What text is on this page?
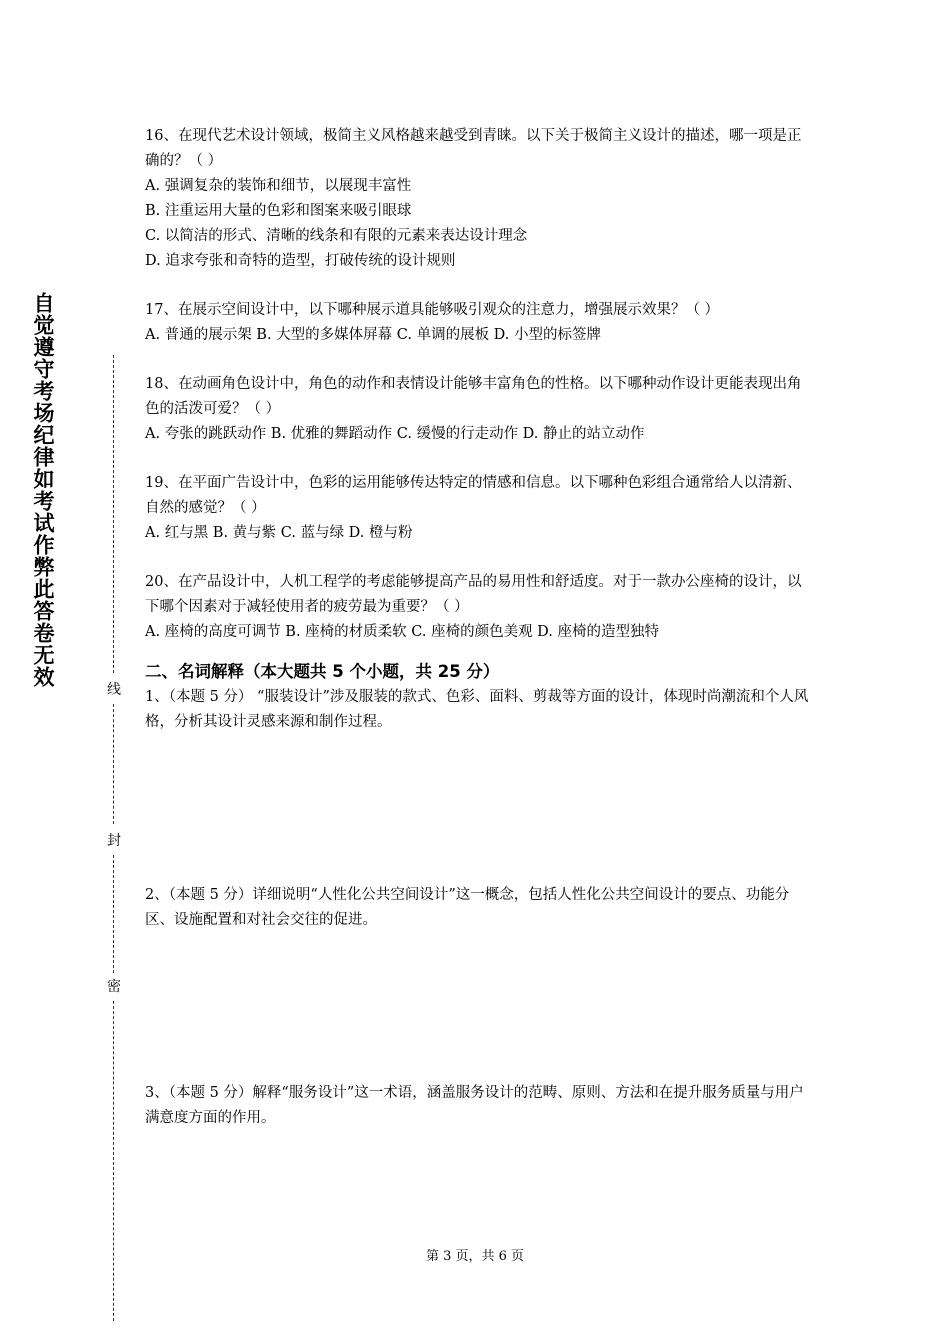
自觉遵守考场纪律如考试作弊此答卷无效
线
封
密

16、在现代艺术设计领域，极简主义风格越来越受到青睐。以下关于极简主义设计的描述，哪一项是正确的？（ ）

A. 强调复杂的装饰和细节，以展现丰富性

B. 注重运用大量的色彩和图案来吸引眼球

C. 以简洁的形式、清晰的线条和有限的元素来表达设计理念

D. 追求夸张和奇特的造型，打破传统的设计规则

17、在展示空间设计中，以下哪种展示道具能够吸引观众的注意力，增强展示效果？（ ）

A. 普通的展示架 B. 大型的多媒体屏幕 C. 单调的展板 D. 小型的标签牌

18、在动画角色设计中，角色的动作和表情设计能够丰富角色的性格。以下哪种动作设计更能表现出角色的活泼可爱？（ ）

A. 夸张的跳跃动作 B. 优雅的舞蹈动作 C. 缓慢的行走动作 D. 静止的站立动作

19、在平面广告设计中，色彩的运用能够传达特定的情感和信息。以下哪种色彩组合通常给人以清新、自然的感觉？（ ）

A. 红与黑 B. 黄与紫 C. 蓝与绿 D. 橙与粉

20、在产品设计中，人机工程学的考虑能够提高产品的易用性和舒适度。对于一款办公座椅的设计，以下哪个因素对于减轻使用者的疲劳最为重要？（ ）

A. 座椅的高度可调节 B. 座椅的材质柔软 C. 座椅的颜色美观 D. 座椅的造型独特

二、名词解释（本大题共 5 个小题，共 25 分）

1、（本题 5 分） “服装设计”涉及服装的款式、色彩、面料、剪裁等方面的设计，体现时尚潮流和个人风格，分析其设计灵感来源和制作过程。

2、（本题 5 分）详细说明“人性化公共空间设计”这一概念，包括人性化公共空间设计的要点、功能分区、设施配置和对社会交往的促进。

3、（本题 5 分）解释“服务设计”这一术语，涵盖服务设计的范畴、原则、方法和在提升服务质量与用户满意度方面的作用。

第 3 页，共 6 页
